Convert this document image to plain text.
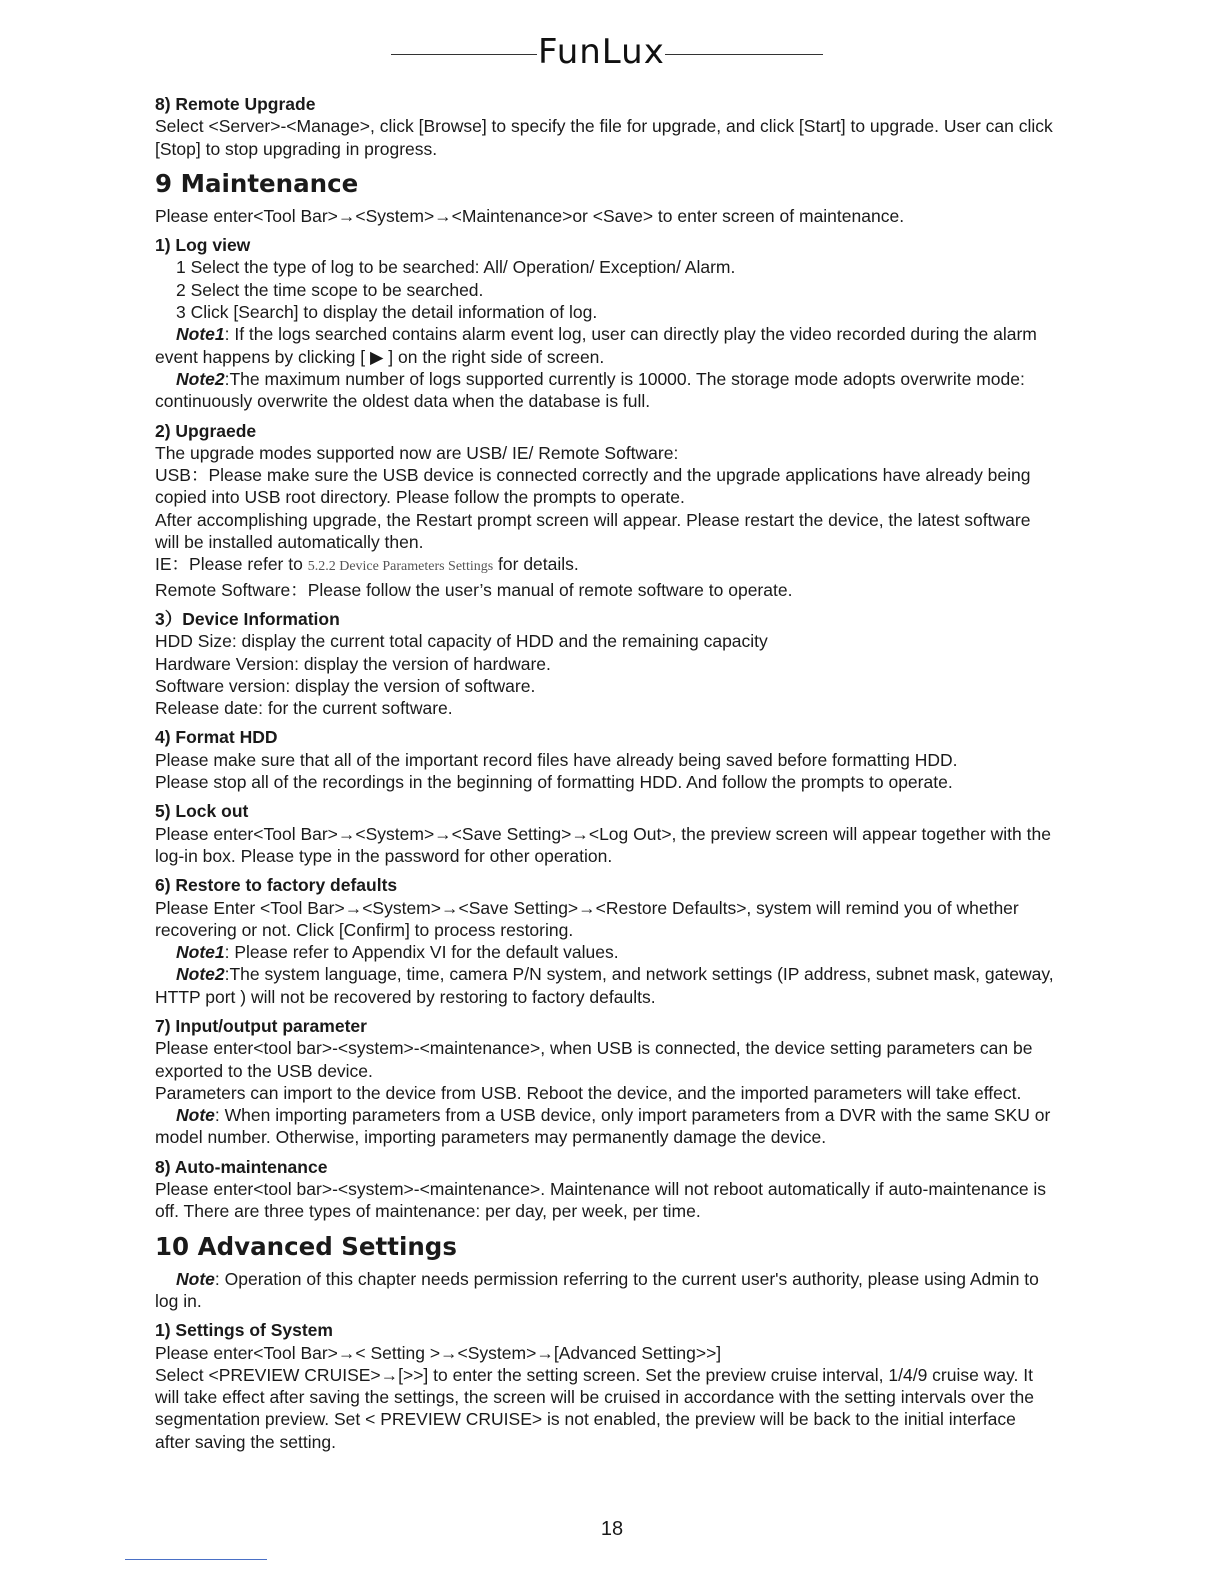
FunLux

8) Remote Upgrade

Select <Server>-<Manage>, click [Browse] to specify the file for upgrade, and click [Start] to upgrade. User can click [Stop] to stop upgrading in progress.

9 Maintenance

Please enter<Tool Bar>→<System>→<Maintenance>or <Save> to enter screen of maintenance.

1) Log view

1 Select the type of log to be searched: All/ Operation/ Exception/ Alarm.

2 Select the time scope to be searched.

3 Click [Search] to display the detail information of log.

Note1: If the logs searched contains alarm event log, user can directly play the video recorded during the alarm event happens by clicking [ ▶ ] on the right side of screen.

Note2:The maximum number of logs supported currently is 10000. The storage mode adopts overwrite mode: continuously overwrite the oldest data when the database is full.

2) Upgraede

The upgrade modes supported now are USB/ IE/ Remote Software:

USB：Please make sure the USB device is connected correctly and the upgrade applications have already being copied into USB root directory. Please follow the prompts to operate.

After accomplishing upgrade, the Restart prompt screen will appear. Please restart the device, the latest software will be installed automatically then.

IE：Please refer to 5.2.2 Device Parameters Settings for details.

Remote Software：Please follow the user’s manual of remote software to operate.

3）Device Information

HDD Size: display the current total capacity of HDD and the remaining capacity

Hardware Version: display the version of hardware.

Software version: display the version of software.

Release date: for the current software.

4) Format HDD

Please make sure that all of the important record files have already being saved before formatting HDD.

Please stop all of the recordings in the beginning of formatting HDD. And follow the prompts to operate.

5) Lock out

Please enter<Tool Bar>→<System>→<Save Setting>→<Log Out>, the preview screen will appear together with the log-in box. Please type in the password for other operation.

6) Restore to factory defaults

Please Enter <Tool Bar>→<System>→<Save Setting>→<Restore Defaults>, system will remind you of whether recovering or not. Click [Confirm] to process restoring.

Note1: Please refer to Appendix VI for the default values.

Note2:The system language, time, camera P/N system, and network settings (IP address, subnet mask, gateway, HTTP port ) will not be recovered by restoring to factory defaults.

7) Input/output parameter

Please enter<tool bar>-<system>-<maintenance>, when USB is connected, the device setting parameters can be exported to the USB device.

Parameters can import to the device from USB. Reboot the device, and the imported parameters will take effect.

Note: When importing parameters from a USB device, only import parameters from a DVR with the same SKU or model number. Otherwise, importing parameters may permanently damage the device.

8) Auto-maintenance

Please enter<tool bar>-<system>-<maintenance>. Maintenance will not reboot automatically if auto-maintenance is off. There are three types of maintenance: per day, per week, per time.

10 Advanced Settings

Note: Operation of this chapter needs permission referring to the current user's authority, please using Admin to log in.

1) Settings of System

Please enter<Tool Bar>→< Setting >→<System>→[Advanced Setting>>]

Select <PREVIEW CRUISE>→[>>] to enter the setting screen. Set the preview cruise interval, 1/4/9 cruise way. It will take effect after saving the settings, the screen will be cruised in accordance with the setting intervals over the segmentation preview. Set < PREVIEW CRUISE> is not enabled, the preview will be back to the initial interface after saving the setting.

18
